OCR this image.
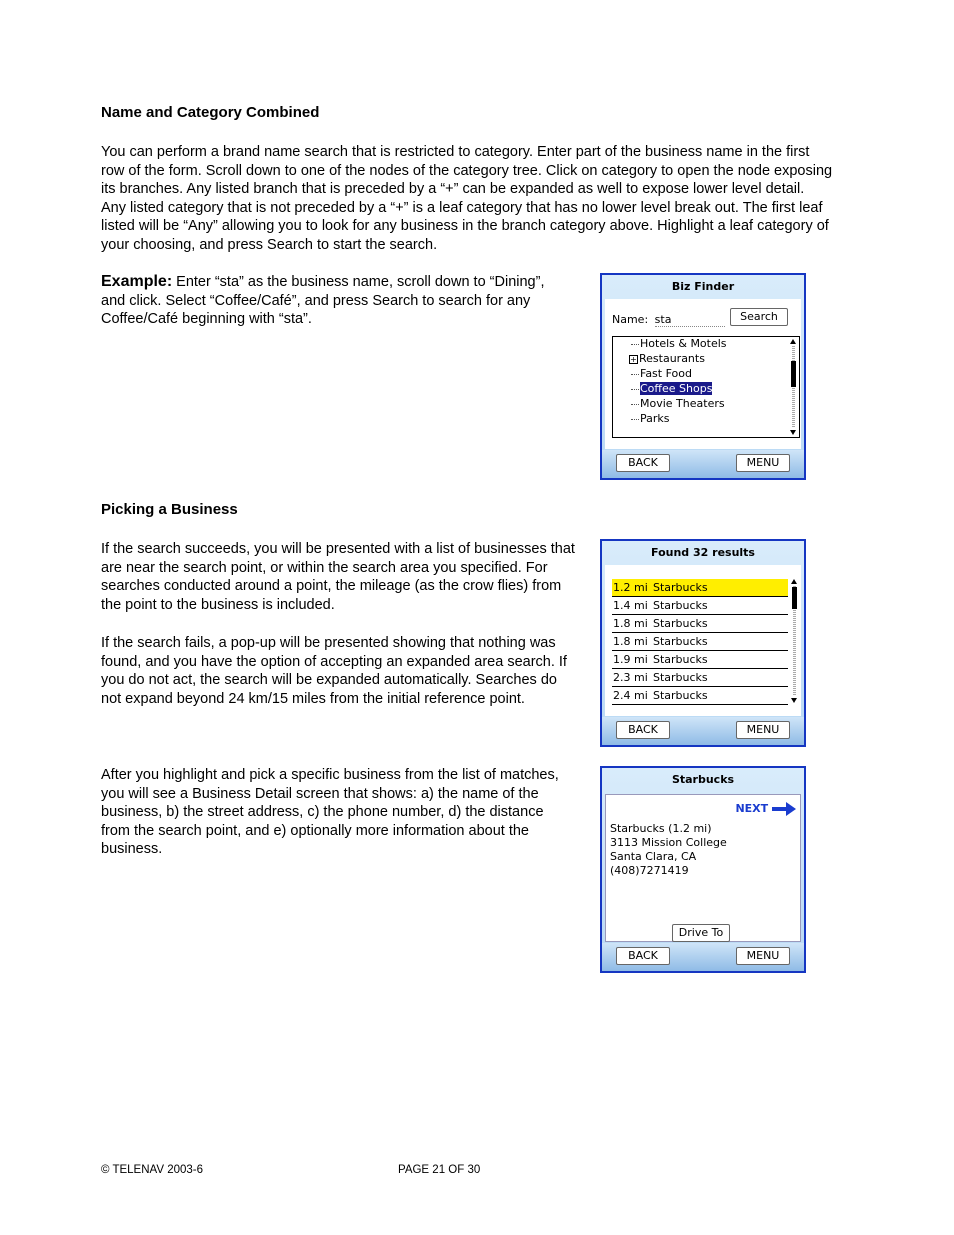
Name and Category Combined

You can perform a brand name search that is restricted to category. Enter part of the business name in the first

row of the form. Scroll down to one of the nodes of the category tree. Click on category to open the node exposing

its branches. Any listed branch that is preceded by a “+” can be expanded as well to expose lower level detail.

Any listed category that is not preceded by a “+” is a leaf category that has no lower level break out. The first leaf

listed will be “Any” allowing you to look for any business in the branch category above. Highlight a leaf category of

your choosing, and press Search to start the search.

Example: Enter “sta” as the business name, scroll down to “Dining”,

and click. Select “Coffee/Café”, and press Search to search for any

Coffee/Café beginning with “sta”.

Biz Finder
Name: sta	Search
Hotels & Motels
+ Restaurants
Fast Food
Coffee Shops
Movie Theaters
Parks
BACK	MENU
Picking a Business

If the search succeeds, you will be presented with a list of businesses that

are near the search point, or within the search area you specified. For

searches conducted around a point, the mileage (as the crow flies) from

the point to the business is included.

If the search fails, a pop-up will be presented showing that nothing was

found, and you have the option of accepting an expanded area search. If

you do not act, the search will be expanded automatically. Searches do

not expand beyond 24 km/15 miles from the initial reference point.

After you highlight and pick a specific business from the list of matches,

you will see a Business Detail screen that shows: a) the name of the

business, b) the street address, c) the phone number, d) the distance

from the search point, and e) optionally more information about the

business.

Found 32 results
1.2 mi Starbucks
1.4 mi Starbucks
1.8 mi Starbucks
1.8 mi Starbucks
1.9 mi Starbucks
2.3 mi Starbucks
2.4 mi Starbucks
BACK	MENU
Starbucks
NEXT
Starbucks (1.2 mi)
3113 Mission College
Santa Clara, CA
(408)7271419
Drive To
BACK	MENU
© TELENAV 2003-6	PAGE 21 OF 30
